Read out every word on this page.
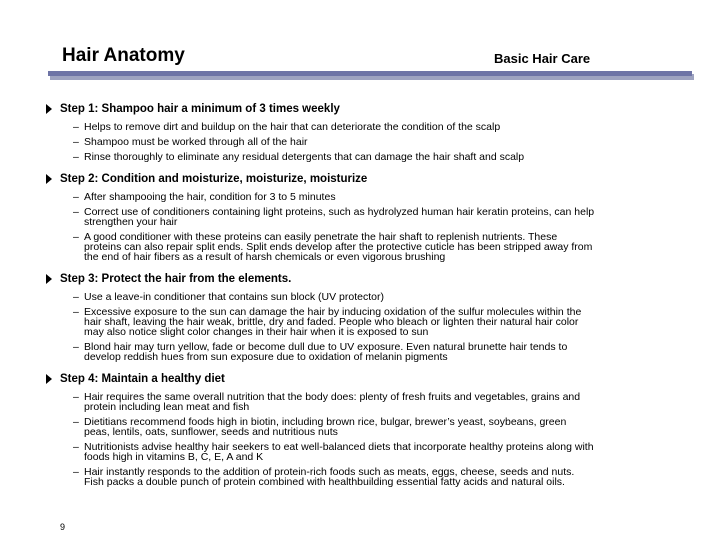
Hair Anatomy	Basic Hair Care
Step 1: Shampoo hair a minimum of 3 times weekly
– Helps to remove dirt and buildup on the hair that can deteriorate the condition of the scalp
– Shampoo must be worked through all of the hair
– Rinse thoroughly to eliminate any residual detergents that can damage the hair shaft and scalp
Step 2: Condition and moisturize, moisturize, moisturize
– After shampooing the hair, condition for 3 to 5 minutes
– Correct use of conditioners containing light proteins, such as hydrolyzed human hair keratin proteins, can help
strengthen your hair
– A good conditioner with these proteins can easily penetrate the hair shaft to replenish nutrients. These
proteins can also repair split ends. Split ends develop after the protective cuticle has been stripped away from
the end of hair fibers as a result of harsh chemicals or even vigorous brushing
Step 3: Protect the hair from the elements.
– Use a leave-in conditioner that contains sun block (UV protector)
– Excessive exposure to the sun can damage the hair by inducing oxidation of the sulfur molecules within the
hair shaft, leaving the hair weak, brittle, dry and faded. People who bleach or lighten their natural hair color
may also notice slight color changes in their hair when it is exposed to sun
– Blond hair may turn yellow, fade or become dull due to UV exposure. Even natural brunette hair tends to
develop reddish hues from sun exposure due to oxidation of melanin pigments
Step 4: Maintain a healthy diet
– Hair requires the same overall nutrition that the body does: plenty of fresh fruits and vegetables, grains and
protein including lean meat and fish
– Dietitians recommend foods high in biotin, including brown rice, bulgar, brewer’s yeast, soybeans, green
peas, lentils, oats, sunflower, seeds and nutritious nuts
– Nutritionists advise healthy hair seekers to eat well-balanced diets that incorporate healthy proteins along with
foods high in vitamins B, C, E, A and K
– Hair instantly responds to the addition of protein-rich foods such as meats, eggs, cheese, seeds and nuts.
Fish packs a double punch of protein combined with healthbuilding essential fatty acids and natural oils.
9
